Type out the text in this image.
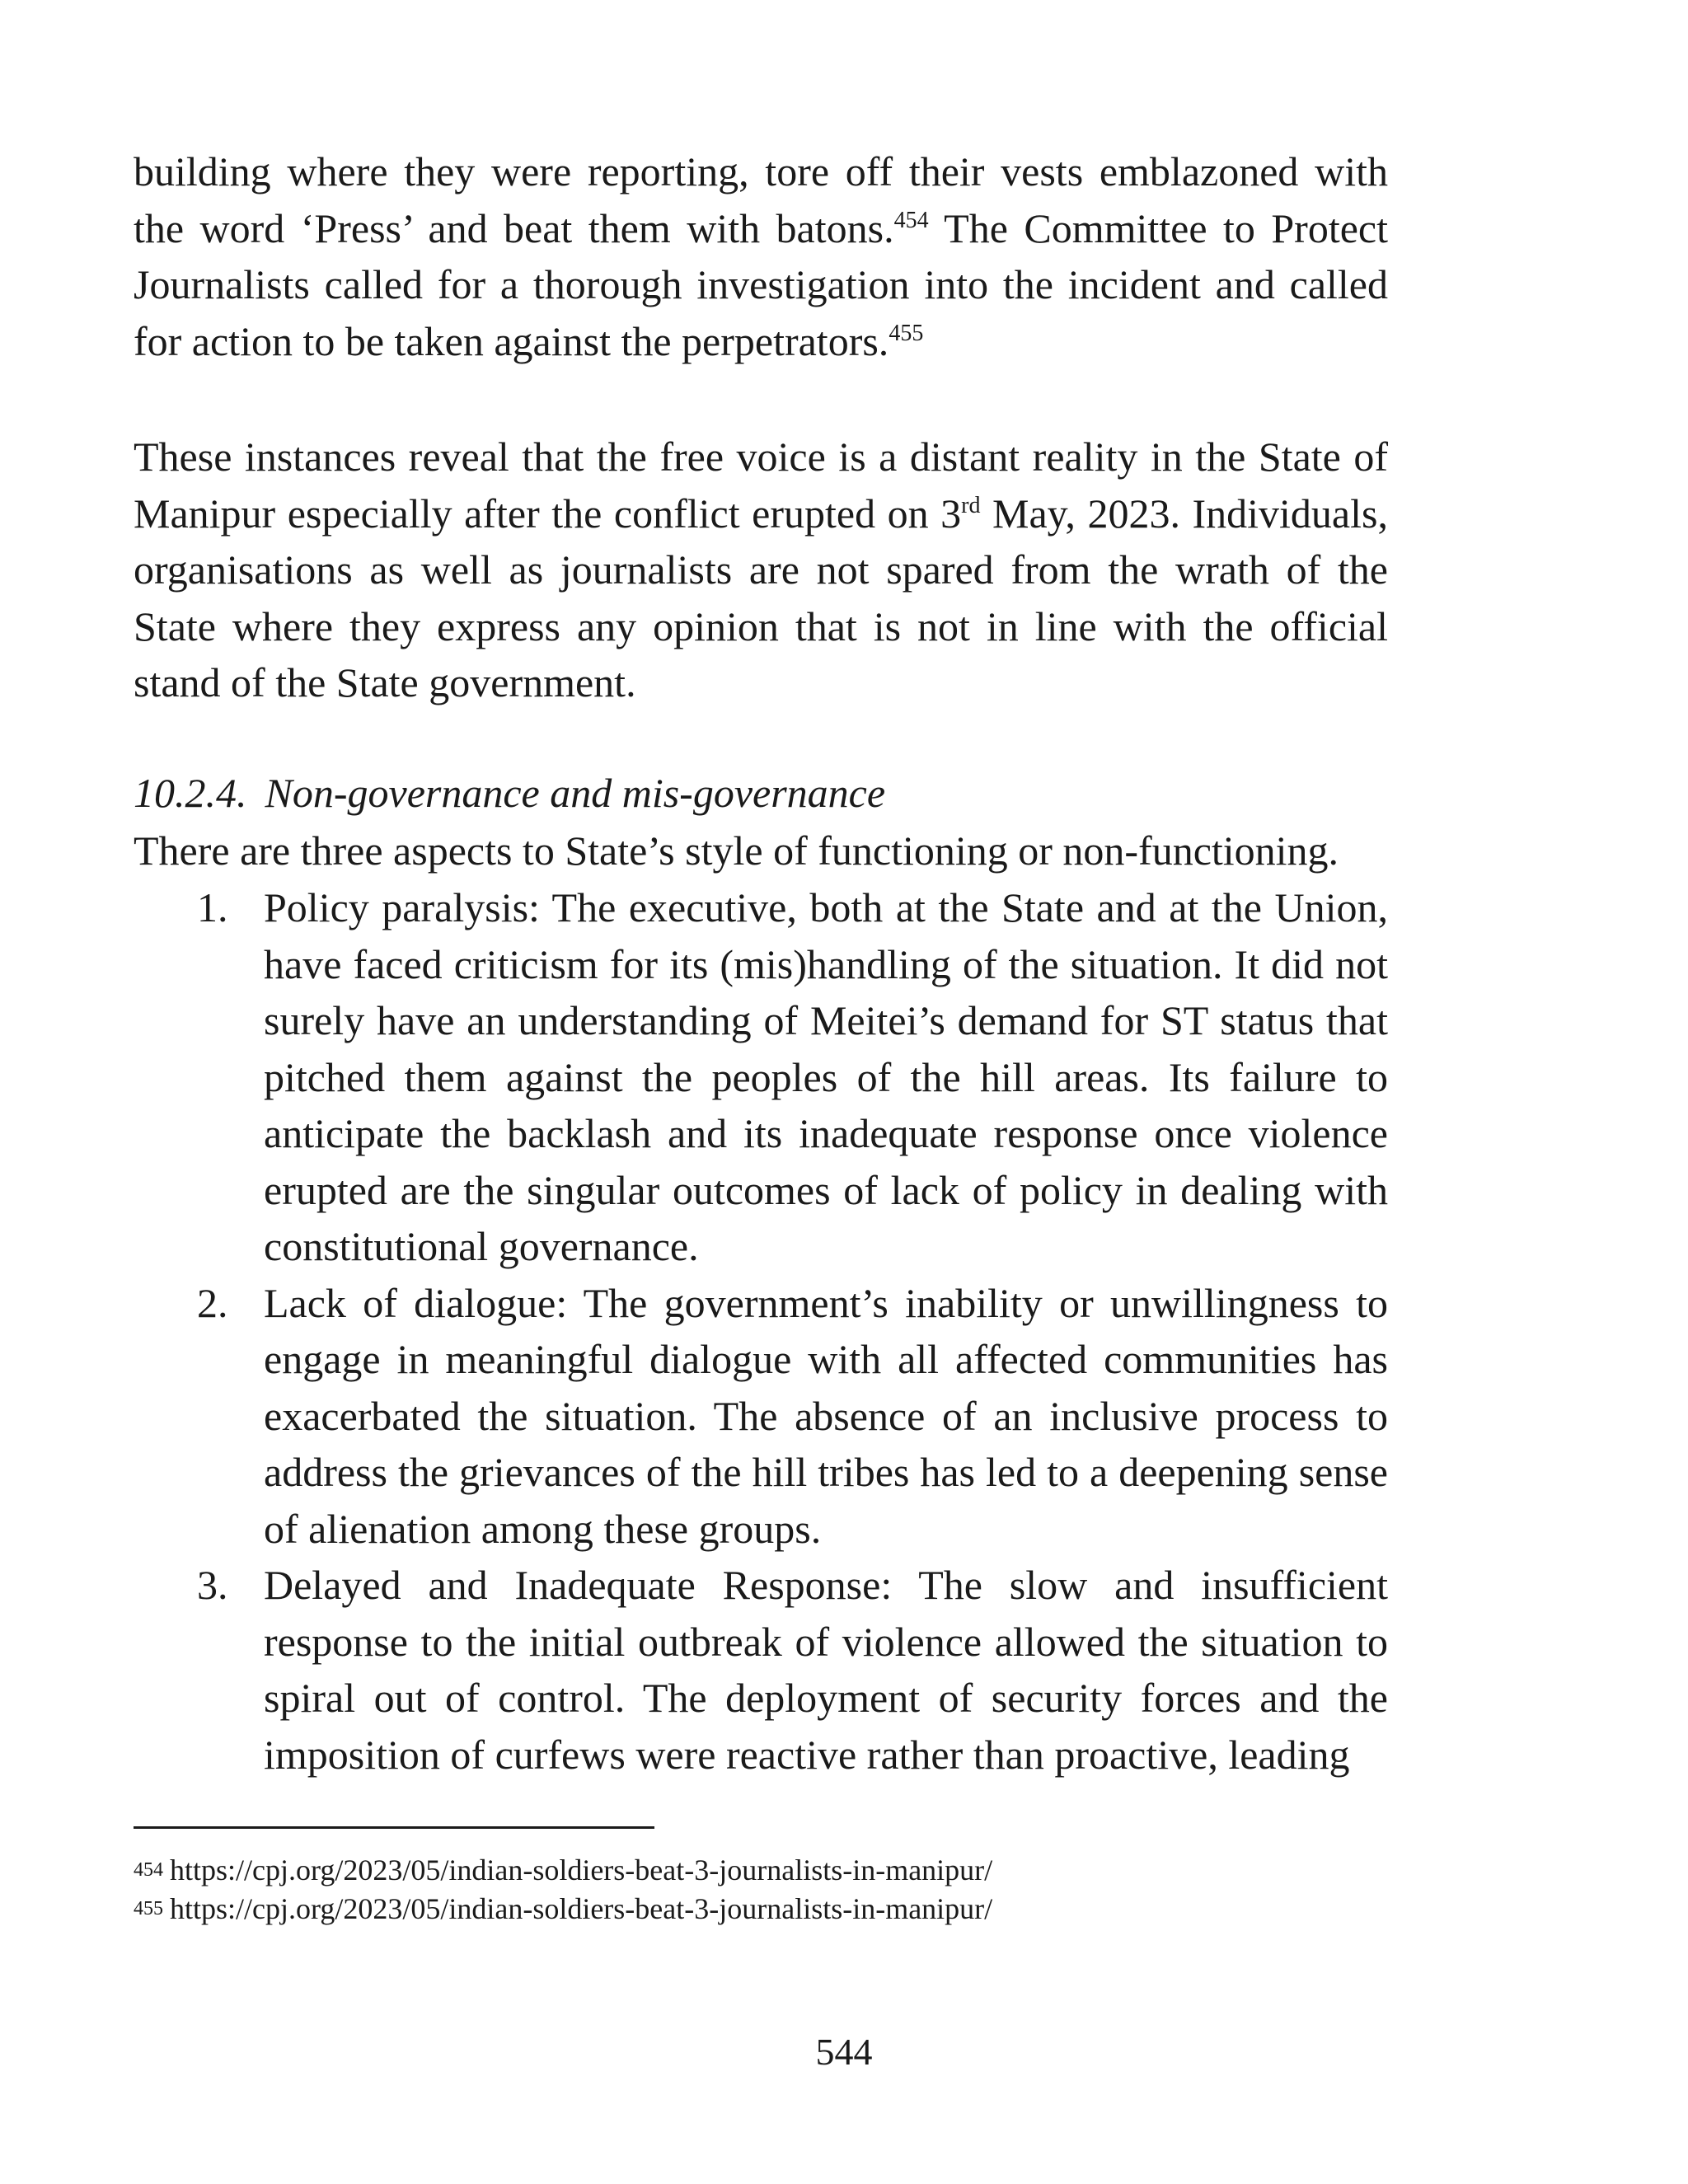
building where they were reporting, tore off their vests emblazoned with the word ‘Press’ and beat them with batons.$^{454}$ The Committee to Protect Journalists called for a thorough investigation into the incident and called for action to be taken against the perpetrators.$^{455}$

These instances reveal that the free voice is a distant reality in the State of Manipur especially after the conflict erupted on 3rd May, 2023. Individuals, organisations as well as journalists are not spared from the wrath of the State where they express any opinion that is not in line with the official stand of the State government.

10.2.4. Non-governance and mis-governance
There are three aspects to State’s style of functioning or non-functioning.
1. Policy paralysis: The executive, both at the State and at the Union, have faced criticism for its (mis)handling of the situation. It did not surely have an understanding of Meitei’s demand for ST status that pitched them against the peoples of the hill areas. Its failure to anticipate the backlash and its inadequate response once violence erupted are the singular outcomes of lack of policy in dealing with constitutional governance.
2. Lack of dialogue: The government’s inability or unwillingness to engage in meaningful dialogue with all affected communities has exacerbated the situation. The absence of an inclusive process to address the grievances of the hill tribes has led to a deepening sense of alienation among these groups.
3. Delayed and Inadequate Response: The slow and insufficient response to the initial outbreak of violence allowed the situation to spiral out of control. The deployment of security forces and the imposition of curfews were reactive rather than proactive, leading
454 https://cpj.org/2023/05/indian-soldiers-beat-3-journalists-in-manipur/
455 https://cpj.org/2023/05/indian-soldiers-beat-3-journalists-in-manipur/
544
